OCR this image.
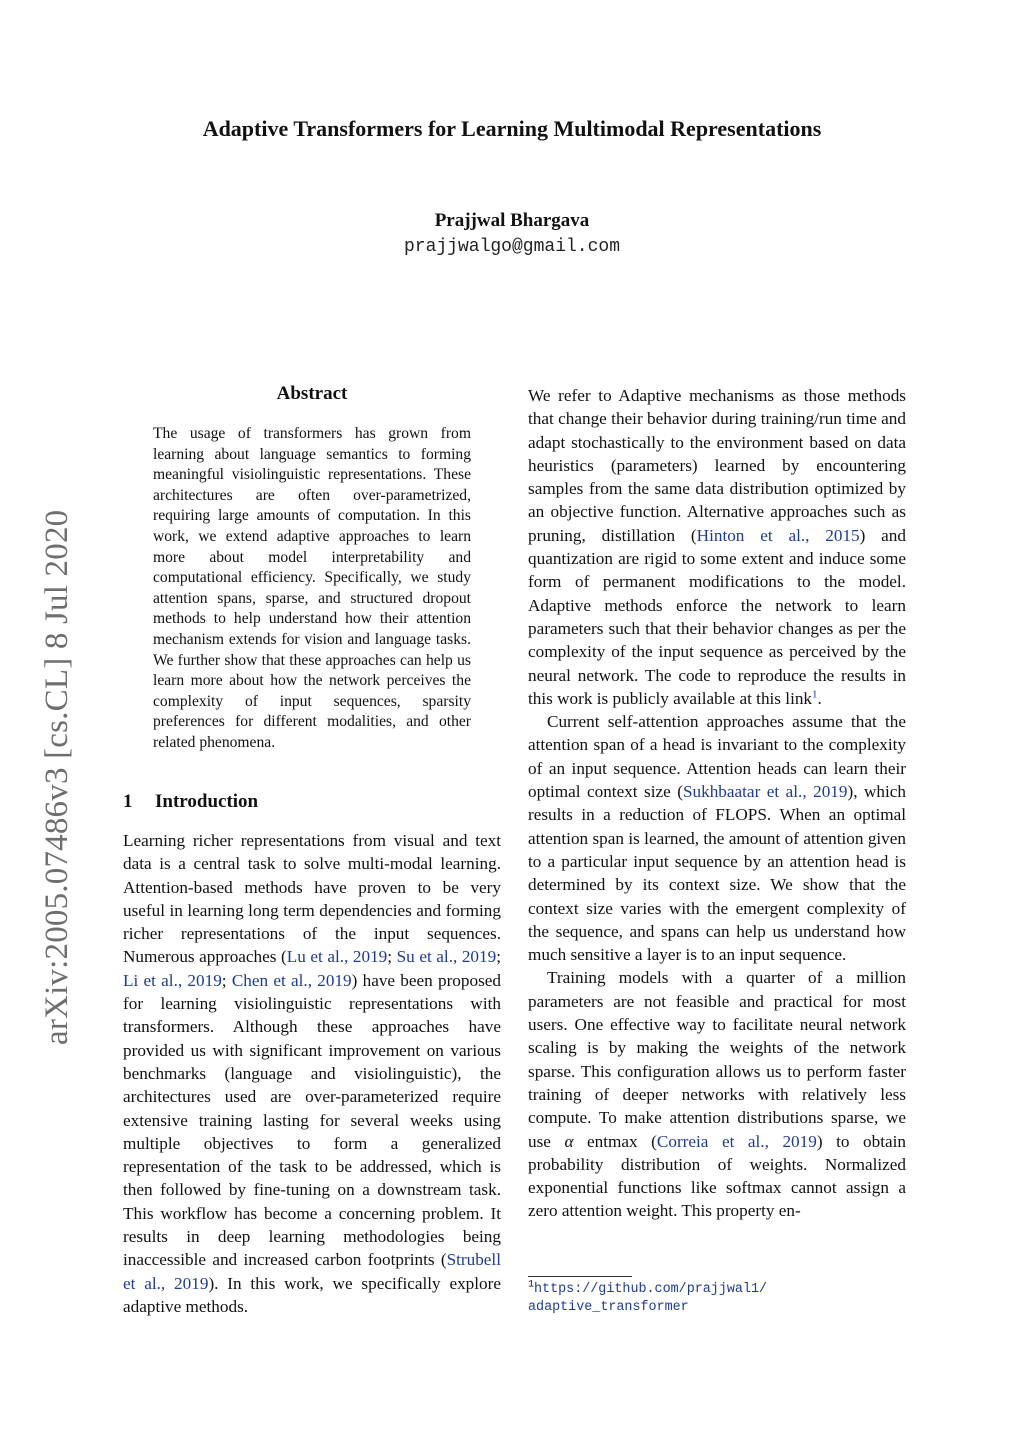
arXiv:2005.07486v3 [cs.CL] 8 Jul 2020
Adaptive Transformers for Learning Multimodal Representations
Prajjwal Bhargava
prajjwalgo@gmail.com
Abstract
The usage of transformers has grown from learning about language semantics to forming meaningful visiolinguistic representations. These architectures are often over-parametrized, requiring large amounts of computation. In this work, we extend adaptive approaches to learn more about model interpretability and computational efficiency. Specifically, we study attention spans, sparse, and structured dropout methods to help understand how their attention mechanism extends for vision and language tasks. We further show that these approaches can help us learn more about how the network perceives the complexity of input sequences, sparsity preferences for different modalities, and other related phenomena.
1 Introduction

Learning richer representations from visual and text data is a central task to solve multi-modal learning. Attention-based methods have proven to be very useful in learning long term dependencies and forming richer representations of the input sequences. Numerous approaches (Lu et al., 2019; Su et al., 2019; Li et al., 2019; Chen et al., 2019) have been proposed for learning visiolinguistic representations with transformers. Although these approaches have provided us with significant improvement on various benchmarks (language and visiolinguistic), the architectures used are over-parameterized require extensive training lasting for several weeks using multiple objectives to form a generalized representation of the task to be addressed, which is then followed by fine-tuning on a downstream task. This workflow has become a concerning problem. It results in deep learning methodologies being inaccessible and increased carbon footprints (Strubell et al., 2019). In this work, we specifically explore adaptive methods.

We refer to Adaptive mechanisms as those methods that change their behavior during training/run time and adapt stochastically to the environment based on data heuristics (parameters) learned by encountering samples from the same data distribution optimized by an objective function. Alternative approaches such as pruning, distillation (Hinton et al., 2015) and quantization are rigid to some extent and induce some form of permanent modifications to the model. Adaptive methods enforce the network to learn parameters such that their behavior changes as per the complexity of the input sequence as perceived by the neural network. The code to reproduce the results in this work is publicly available at this link$^1$.

Current self-attention approaches assume that the attention span of a head is invariant to the complexity of an input sequence. Attention heads can learn their optimal context size (Sukhbaatar et al., 2019), which results in a reduction of FLOPS. When an optimal attention span is learned, the amount of attention given to a particular input sequence by an attention head is determined by its context size. We show that the context size varies with the emergent complexity of the sequence, and spans can help us understand how much sensitive a layer is to an input sequence.

Training models with a quarter of a million parameters are not feasible and practical for most users. One effective way to facilitate neural network scaling is by making the weights of the network sparse. This configuration allows us to perform faster training of deeper networks with relatively less compute. To make attention distributions sparse, we use α entmax (Correia et al., 2019) to obtain probability distribution of weights. Normalized exponential functions like softmax cannot assign a zero attention weight. This property en-

$^1$https://github.com/prajjwal1/
adaptive_transformer
